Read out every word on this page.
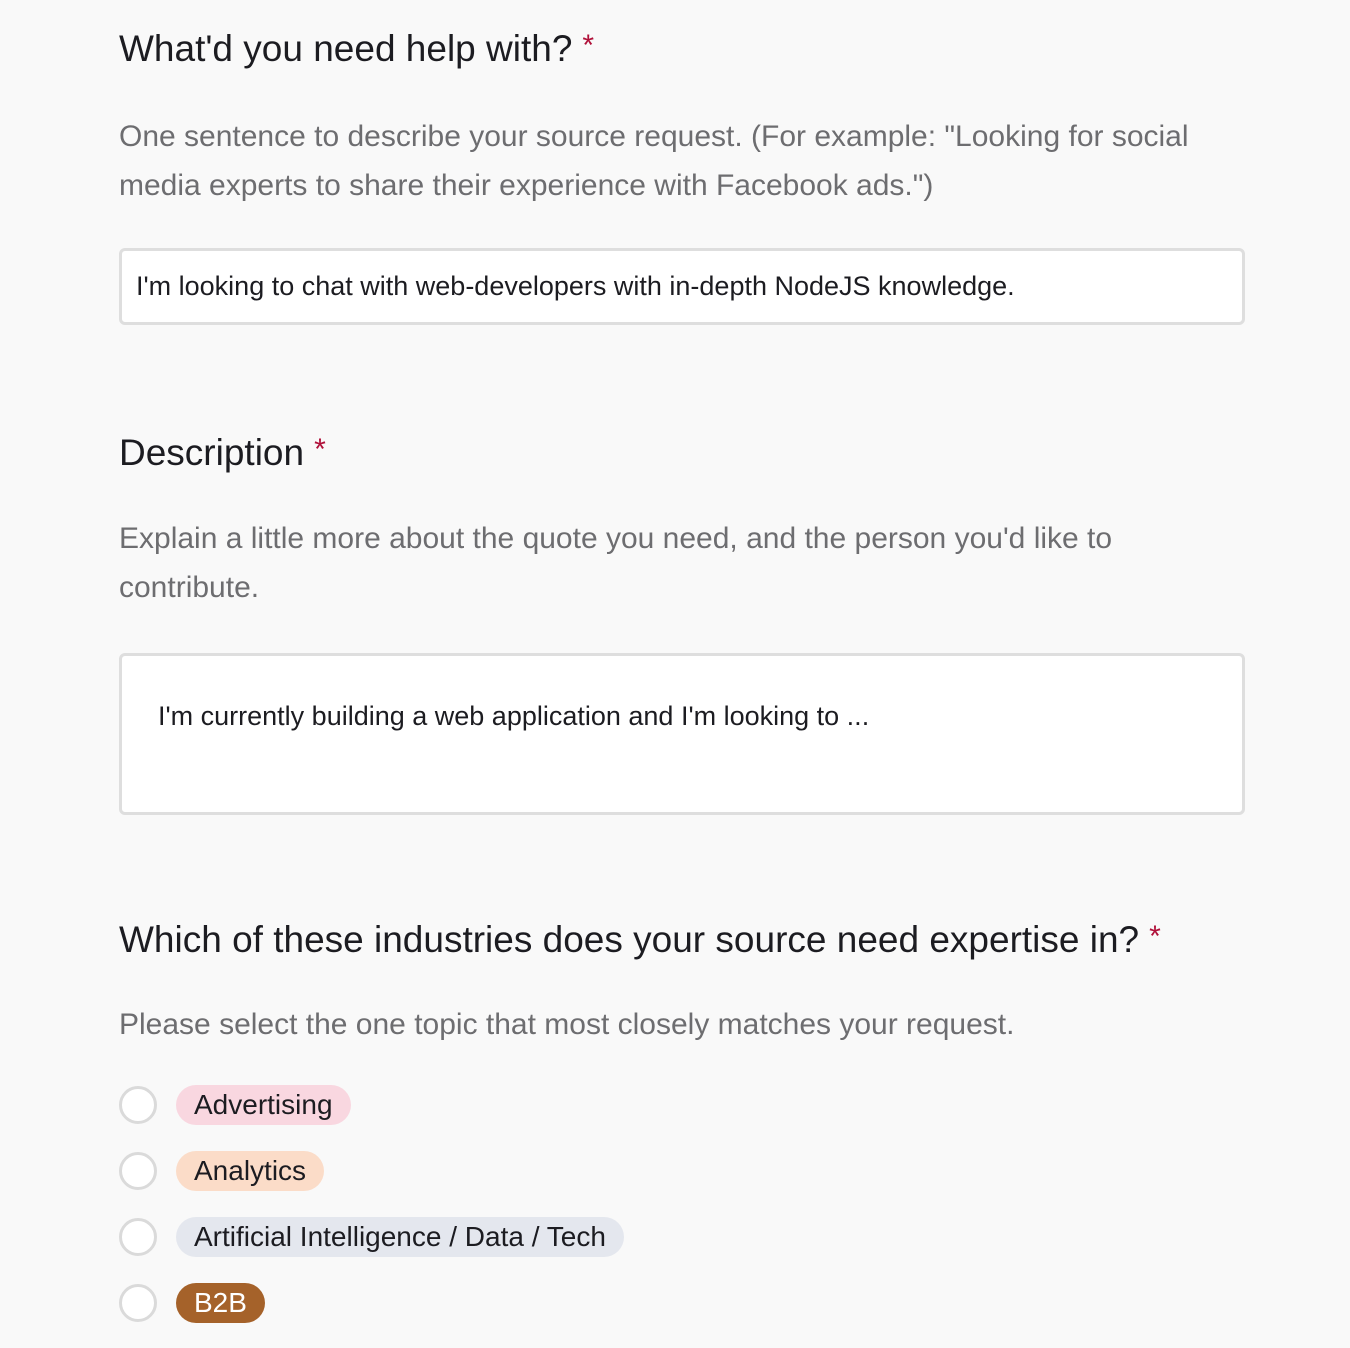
What'd you need help with? *

One sentence to describe your source request. (For example: "Looking for social media experts to share their experience with Facebook ads.")

I'm looking to chat with web-developers with in-depth NodeJS knowledge.
Description *

Explain a little more about the quote you need, and the person you'd like to contribute.

I'm currently building a web application and I'm looking to ...
Which of these industries does your source need expertise in? *

Please select the one topic that most closely matches your request.

Advertising
Analytics
Artificial Intelligence / Data / Tech
B2B
